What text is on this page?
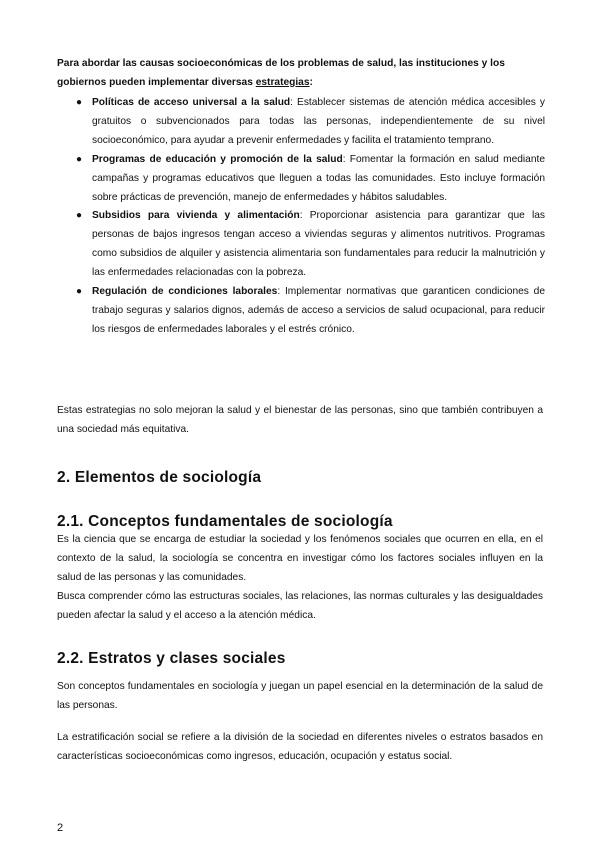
Para abordar las causas socioeconómicas de los problemas de salud, las instituciones y los gobiernos pueden implementar diversas estrategias:

● Políticas de acceso universal a la salud: Establecer sistemas de atención médica accesibles y gratuitos o subvencionados para todas las personas, independientemente de su nivel socioeconómico, para ayudar a prevenir enfermedades y facilita el tratamiento temprano.
● Programas de educación y promoción de la salud: Fomentar la formación en salud mediante campañas y programas educativos que lleguen a todas las comunidades. Esto incluye formación sobre prácticas de prevención, manejo de enfermedades y hábitos saludables.
● Subsidios para vivienda y alimentación: Proporcionar asistencia para garantizar que las personas de bajos ingresos tengan acceso a viviendas seguras y alimentos nutritivos. Programas como subsidios de alquiler y asistencia alimentaria son fundamentales para reducir la malnutrición y las enfermedades relacionadas con la pobreza.
● Regulación de condiciones laborales: Implementar normativas que garanticen condiciones de trabajo seguras y salarios dignos, además de acceso a servicios de salud ocupacional, para reducir los riesgos de enfermedades laborales y el estrés crónico.

Estas estrategias no solo mejoran la salud y el bienestar de las personas, sino que también contribuyen a una sociedad más equitativa.

2. Elementos de sociología
2.1. Conceptos fundamentales de sociología

Es la ciencia que se encarga de estudiar la sociedad y los fenómenos sociales que ocurren en ella, en el contexto de la salud, la sociología se concentra en investigar cómo los factores sociales influyen en la salud de las personas y las comunidades.

Busca comprender cómo las estructuras sociales, las relaciones, las normas culturales y las desigualdades pueden afectar la salud y el acceso a la atención médica.

2.2. Estratos y clases sociales

Son conceptos fundamentales en sociología y juegan un papel esencial en la determinación de la salud de las personas.

La estratificación social se refiere a la división de la sociedad en diferentes niveles o estratos basados en características socioeconómicas como ingresos, educación, ocupación y estatus social.

2
